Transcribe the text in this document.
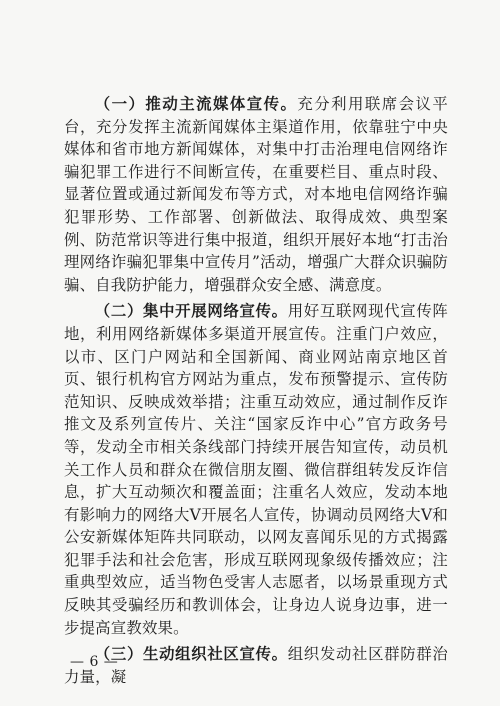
（一）推动主流媒体宣传。充分利用联席会议平台，充分发挥主流新闻媒体主渠道作用，依靠驻宁中央媒体和省市地方新闻媒体，对集中打击治理电信网络诈骗犯罪工作进行不间断宣传，在重要栏目、重点时段、显著位置或通过新闻发布等方式，对本地电信网络诈骗犯罪形势、工作部署、创新做法、取得成效、典型案例、防范常识等进行集中报道，组织开展好本地“打击治理网络诈骗犯罪集中宣传月”活动，增强广大群众识骗防骗、自我防护能力，增强群众安全感、满意度。

（二）集中开展网络宣传。用好互联网现代宣传阵地，利用网络新媒体多渠道开展宣传。注重门户效应，以市、区门户网站和全国新闻、商业网站南京地区首页、银行机构官方网站为重点，发布预警提示、宣传防范知识、反映成效举措；注重互动效应，通过制作反诈推文及系列宣传片、关注“国家反诈中心”官方政务号等，发动全市相关条线部门持续开展告知宣传，动员机关工作人员和群众在微信朋友圈、微信群组转发反诈信息，扩大互动频次和覆盖面；注重名人效应，发动本地有影响力的网络大V开展名人宣传，协调动员网络大V和公安新媒体矩阵共同联动，以网友喜闻乐见的方式揭露犯罪手法和社会危害，形成互联网现象级传播效应；注重典型效应，适当物色受害人志愿者，以场景重现方式反映其受骗经历和教训体会，让身边人说身边事，进一步提高宣教效果。

（三）生动组织社区宣传。组织发动社区群防群治力量，凝

— 6 —
